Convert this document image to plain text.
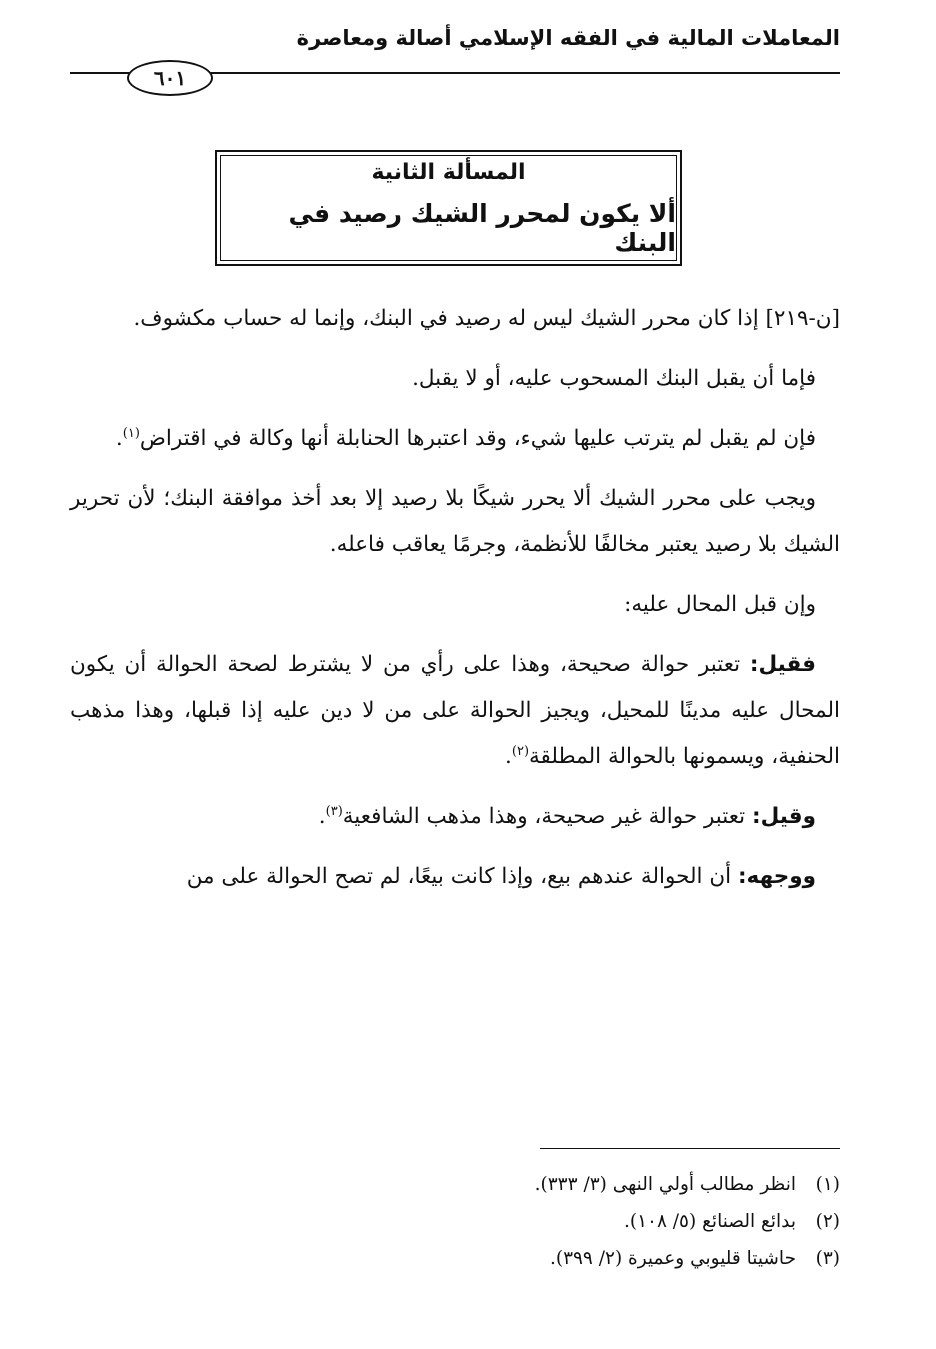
المعاملات المالية في الفقه الإسلامي أصالة ومعاصرة
٦٠١
المسألة الثانية
ألا يكون لمحرر الشيك رصيد في البنك

[ن-٢١٩] إذا كان محرر الشيك ليس له رصيد في البنك، وإنما له حساب مكشوف.

فإما أن يقبل البنك المسحوب عليه، أو لا يقبل.

فإن لم يقبل لم يترتب عليها شيء، وقد اعتبرها الحنابلة أنها وكالة في اقتراض$^{(١)}$.

ويجب على محرر الشيك ألا يحرر شيكًا بلا رصيد إلا بعد أخذ موافقة البنك؛ لأن تحرير الشيك بلا رصيد يعتبر مخالفًا للأنظمة، وجرمًا يعاقب فاعله.

وإن قبل المحال عليه:

فقيل: تعتبر حوالة صحيحة، وهذا على رأي من لا يشترط لصحة الحوالة أن يكون المحال عليه مدينًا للمحيل، ويجيز الحوالة على من لا دين عليه إذا قبلها، وهذا مذهب الحنفية، ويسمونها بالحوالة المطلقة$^{(٢)}$.

وقيل: تعتبر حوالة غير صحيحة، وهذا مذهب الشافعية$^{(٣)}$.

ووجهه: أن الحوالة عندهم بيع، وإذا كانت بيعًا، لم تصح الحوالة على من

(١)
انظر مطالب أولي النهى (٣/ ٣٣٣).
(٢)
بدائع الصنائع (٥/ ١٠٨).
(٣)
حاشيتا قليوبي وعميرة (٢/ ٣٩٩).
